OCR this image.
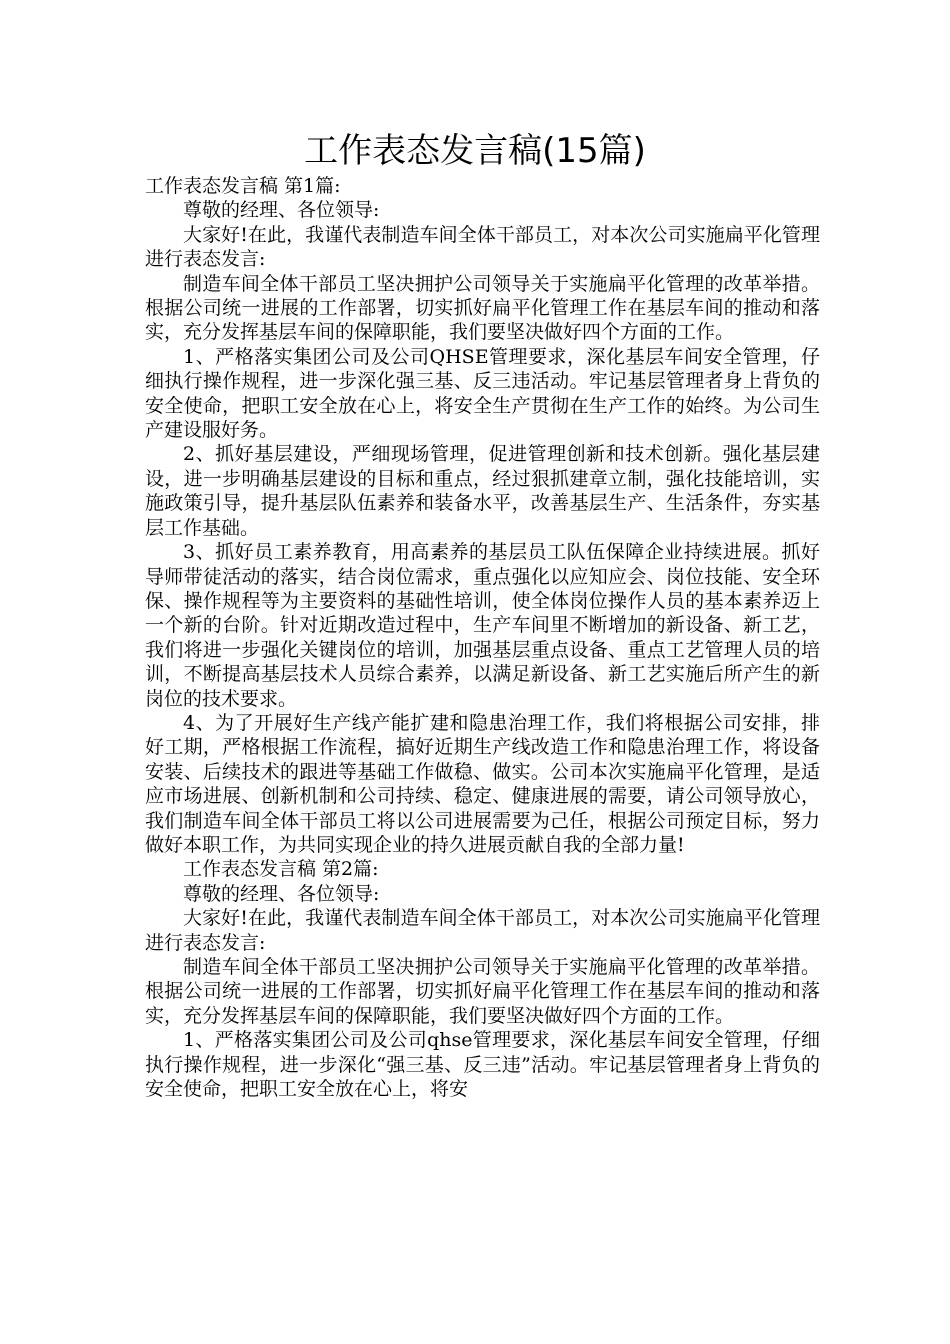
工作表态发言稿(15篇)

工作表态发言稿 第1篇:

尊敬的经理、各位领导:

大家好!在此，我谨代表制造车间全体干部员工，对本次公司实施扁平化管理进行表态发言:

制造车间全体干部员工坚决拥护公司领导关于实施扁平化管理的改革举措。根据公司统一进展的工作部署，切实抓好扁平化管理工作在基层车间的推动和落实，充分发挥基层车间的保障职能，我们要坚决做好四个方面的工作。

1、严格落实集团公司及公司QHSE管理要求，深化基层车间安全管理，仔细执行操作规程，进一步深化强三基、反三违活动。牢记基层管理者身上背负的安全使命，把职工安全放在心上，将安全生产贯彻在生产工作的始终。为公司生产建设服好务。

2、抓好基层建设，严细现场管理，促进管理创新和技术创新。强化基层建设，进一步明确基层建设的目标和重点，经过狠抓建章立制，强化技能培训，实施政策引导，提升基层队伍素养和装备水平，改善基层生产、生活条件，夯实基层工作基础。

3、抓好员工素养教育，用高素养的基层员工队伍保障企业持续进展。抓好导师带徒活动的落实，结合岗位需求，重点强化以应知应会、岗位技能、安全环保、操作规程等为主要资料的基础性培训，使全体岗位操作人员的基本素养迈上一个新的台阶。针对近期改造过程中，生产车间里不断增加的新设备、新工艺，我们将进一步强化关键岗位的培训，加强基层重点设备、重点工艺管理人员的培训，不断提高基层技术人员综合素养，以满足新设备、新工艺实施后所产生的新岗位的技术要求。

4、为了开展好生产线产能扩建和隐患治理工作，我们将根据公司安排，排好工期，严格根据工作流程，搞好近期生产线改造工作和隐患治理工作，将设备安装、后续技术的跟进等基础工作做稳、做实。公司本次实施扁平化管理，是适应市场进展、创新机制和公司持续、稳定、健康进展的需要，请公司领导放心，我们制造车间全体干部员工将以公司进展需要为己任，根据公司预定目标，努力做好本职工作，为共同实现企业的持久进展贡献自我的全部力量!

工作表态发言稿 第2篇:

尊敬的经理、各位领导:

大家好!在此，我谨代表制造车间全体干部员工，对本次公司实施扁平化管理进行表态发言:

制造车间全体干部员工坚决拥护公司领导关于实施扁平化管理的改革举措。根据公司统一进展的工作部署，切实抓好扁平化管理工作在基层车间的推动和落实，充分发挥基层车间的保障职能，我们要坚决做好四个方面的工作。

1、严格落实集团公司及公司qhse管理要求，深化基层车间安全管理，仔细执行操作规程，进一步深化“强三基、反三违”活动。牢记基层管理者身上背负的安全使命，把职工安全放在心上，将安
